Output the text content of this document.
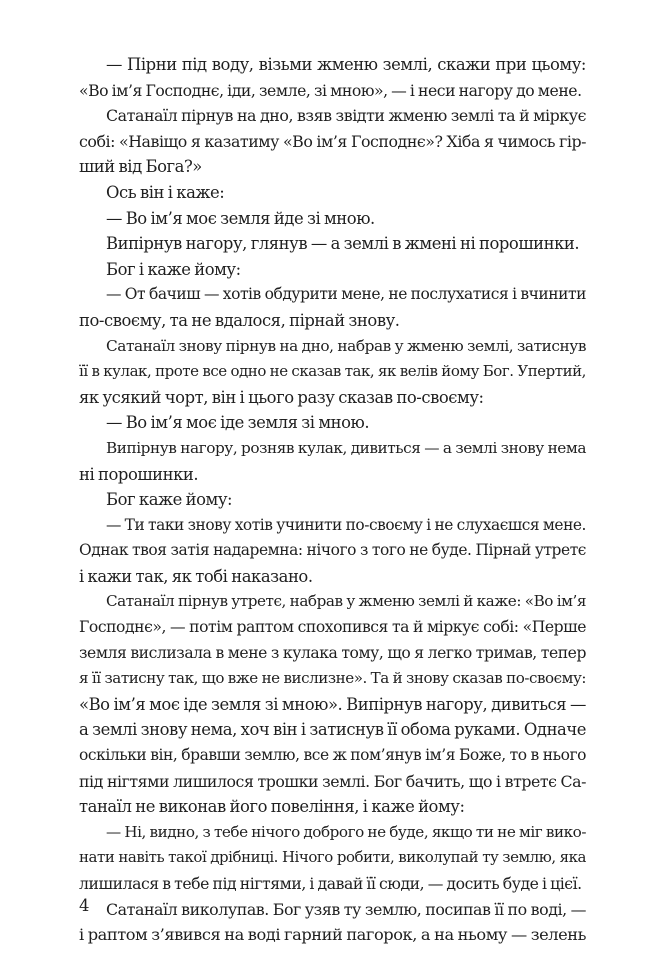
— Пірни під воду, візьми жменю землі, скажи при цьому:
«Во ім’я Господнє, іди, земле, зі мною», — і неси нагору до мене.
Сатанаїл пірнув на дно, взяв звідти жменю землі та й міркує
собі: «Навіщо я казатиму «Во ім’я Господнє»? Хіба я чимось гір-
ший від Бога?»
Ось він і каже:
— Во ім’я моє земля йде зі мною.
Випірнув нагору, глянув — а землі в жмені ні порошинки.
Бог і каже йому:
— От бачиш — хотів обдурити мене, не послухатися і вчинити
по-своєму, та не вдалося, пірнай знову.
Сатанаїл знову пірнув на дно, набрав у жменю землі, затиснув
її в кулак, проте все одно не сказав так, як велів йому Бог. Упертий,
як усякий чорт, він і цього разу сказав по-своєму:
— Во ім’я моє іде земля зі мною.
Випірнув нагору, розняв кулак, дивиться — а землі знову нема
ні порошинки.
Бог каже йому:
— Ти таки знову хотів учинити по-своєму і не слухаєшся мене.
Однак твоя затія надаремна: нічого з того не буде. Пірнай утретє
і кажи так, як тобі наказано.
Сатанаїл пірнув утретє, набрав у жменю землі й каже: «Во ім’я
Господнє», — потім раптом спохопився та й міркує собі: «Перше
земля вислизала в мене з кулака тому, що я легко тримав, тепер
я її затисну так, що вже не вислизне». Та й знову сказав по-своєму:
«Во ім’я моє іде земля зі мною». Випірнув нагору, дивиться —
а землі знову нема, хоч він і затиснув її обома руками. Одначе
оскільки він, бравши землю, все ж пом’янув ім’я Боже, то в нього
під нігтями лишилося трошки землі. Бог бачить, що і втретє Са-
танаїл не виконав його повеління, і каже йому:
— Ні, видно, з тебе нічого доброго не буде, якщо ти не міг вико-
нати навіть такої дрібниці. Нічого робити, виколупай ту землю, яка
лишилася в тебе під нігтями, і давай її сюди, — досить буде і цієї.
Сатанаїл виколупав. Бог узяв ту землю, посипав її по воді, —
і раптом з’явився на воді гарний пагорок, а на ньому — зелень
4
